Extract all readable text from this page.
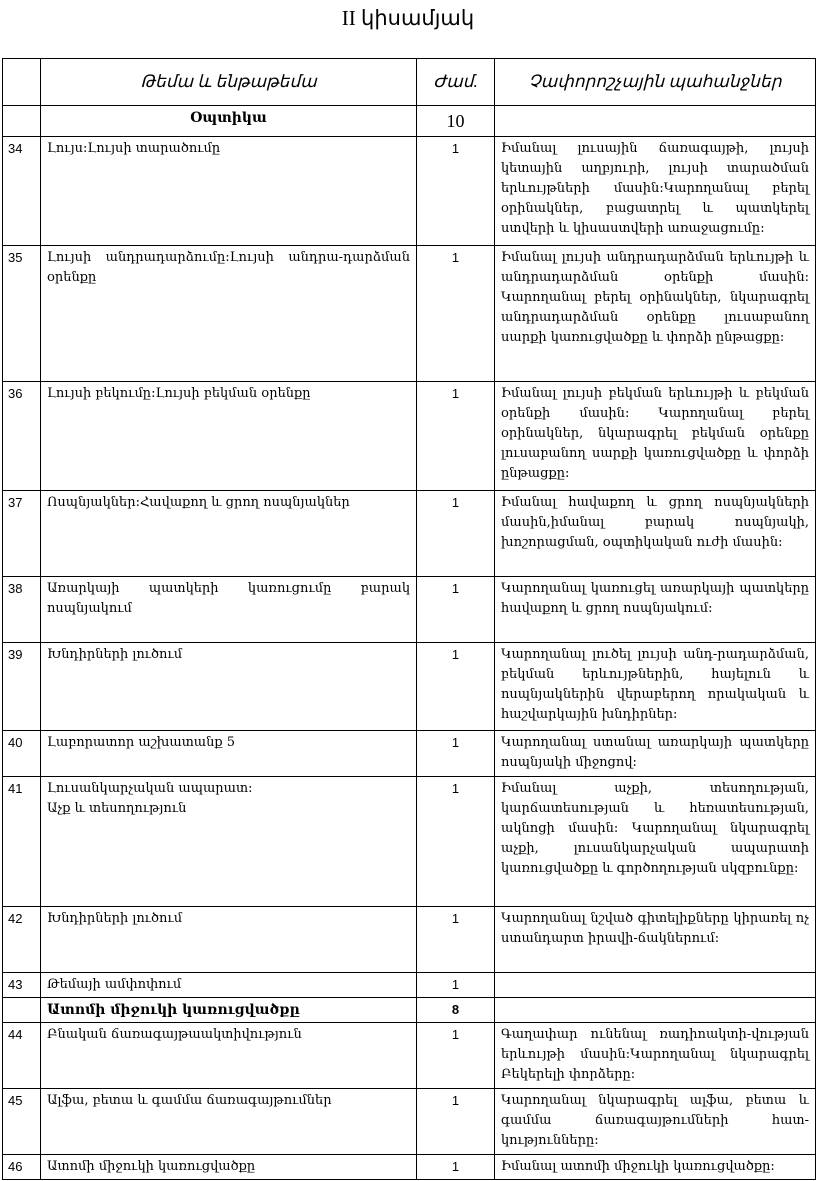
II կիսամյակ
	Թեմա և ենթաթեմա	Ժամ.	Չափորոշչային պահանջներ
	Օպտիկա	10	
34	Լույս:Լույսի տարածումը	1	Իմանալ լուսային ճառագայթի, լույսի կետային աղբյուրի, լույսի տարածման երևույթների մասին:Կարողանալ բերել օրինակներ, բացատրել և պատկերել ստվերի և կիսաստվերի առաջացումը:
35	Լույսի անդրադարձումը:Լույսի անդրա-դարձման օրենքը	1	Իմանալ լույսի անդրադարձման երևույթի և անդրադարձման օրենքի մասին: Կարողանալ բերել օրինակներ, նկարագրել անդրադարձման օրենքը լուսաբանող սարքի կառուցվածքը և փորձի ընթացքը:
36	Լույսի բեկումը:Լույսի բեկման օրենքը	1	Իմանալ լույսի բեկման երևույթի և բեկման օրենքի մասին: Կարողանալ բերել օրինակներ, նկարագրել բեկման օրենքը լուսաբանող սարքի կառուցվածքը և փորձի ընթացքը:
37	Ոսպնյակներ:Հավաքող և ցրող ոսպնյակներ	1	Իմանալ հավաքող և ցրող ոսպնյակների մասին,իմանալ բարակ ոսպնյակի, խոշորացման, օպտիկական ուժի մասին:
38	Առարկայի պատկերի կառուցումը բարակ ոսպնյակում	1	Կարողանալ կառուցել առարկայի պատկերը հավաքող և ցրող ոսպնյակում:
39	Խնդիրների լուծում	1	Կարողանալ լուծել լույսի անդ-րադարձման, բեկման երևույթներին, հայելուն և ոսպնյակներին վերաբերող որակական և հաշվարկային խնդիրներ:
40	Լաբորատոր աշխատանք 5	1	Կարողանալ ստանալ առարկայի պատկերը ոսպնյակի միջոցով:
41	Լուսանկարչական ապարատ:
Աչք և տեսողություն	1	Իմանալ աչքի, տեսողության, կարճատեսության և հեռատեսության, ակնոցի մասին: Կարողանալ նկարագրել աչքի, լուսանկարչական ապարատի կառուցվածքը և գործողության սկզբունքը:
42	Խնդիրների լուծում	1	Կարողանալ նշված գիտելիքները կիրառել ոչ ստանդարտ իրավի-ճակներում:
43	Թեմայի ամփոփում	1	
	Ատոմի միջուկի կառուցվածքը	8	
44	Բնական ճառագայթաակտիվություն	1	Գաղափար ունենալ ռադիոակտի-վության երևույթի մասին:Կարողանալ նկարագրել Բեկերելի փորձերը:
45	Ալֆա, բետա և գամմա ճառագայթումներ	1	Կարողանալ նկարագրել ալֆա, բետա և գամմա ճառագայթումների հատ-կությունները:
46	Ատոմի միջուկի կառուցվածքը	1	Իմանալ ատոմի միջուկի կառուցվածքը:
